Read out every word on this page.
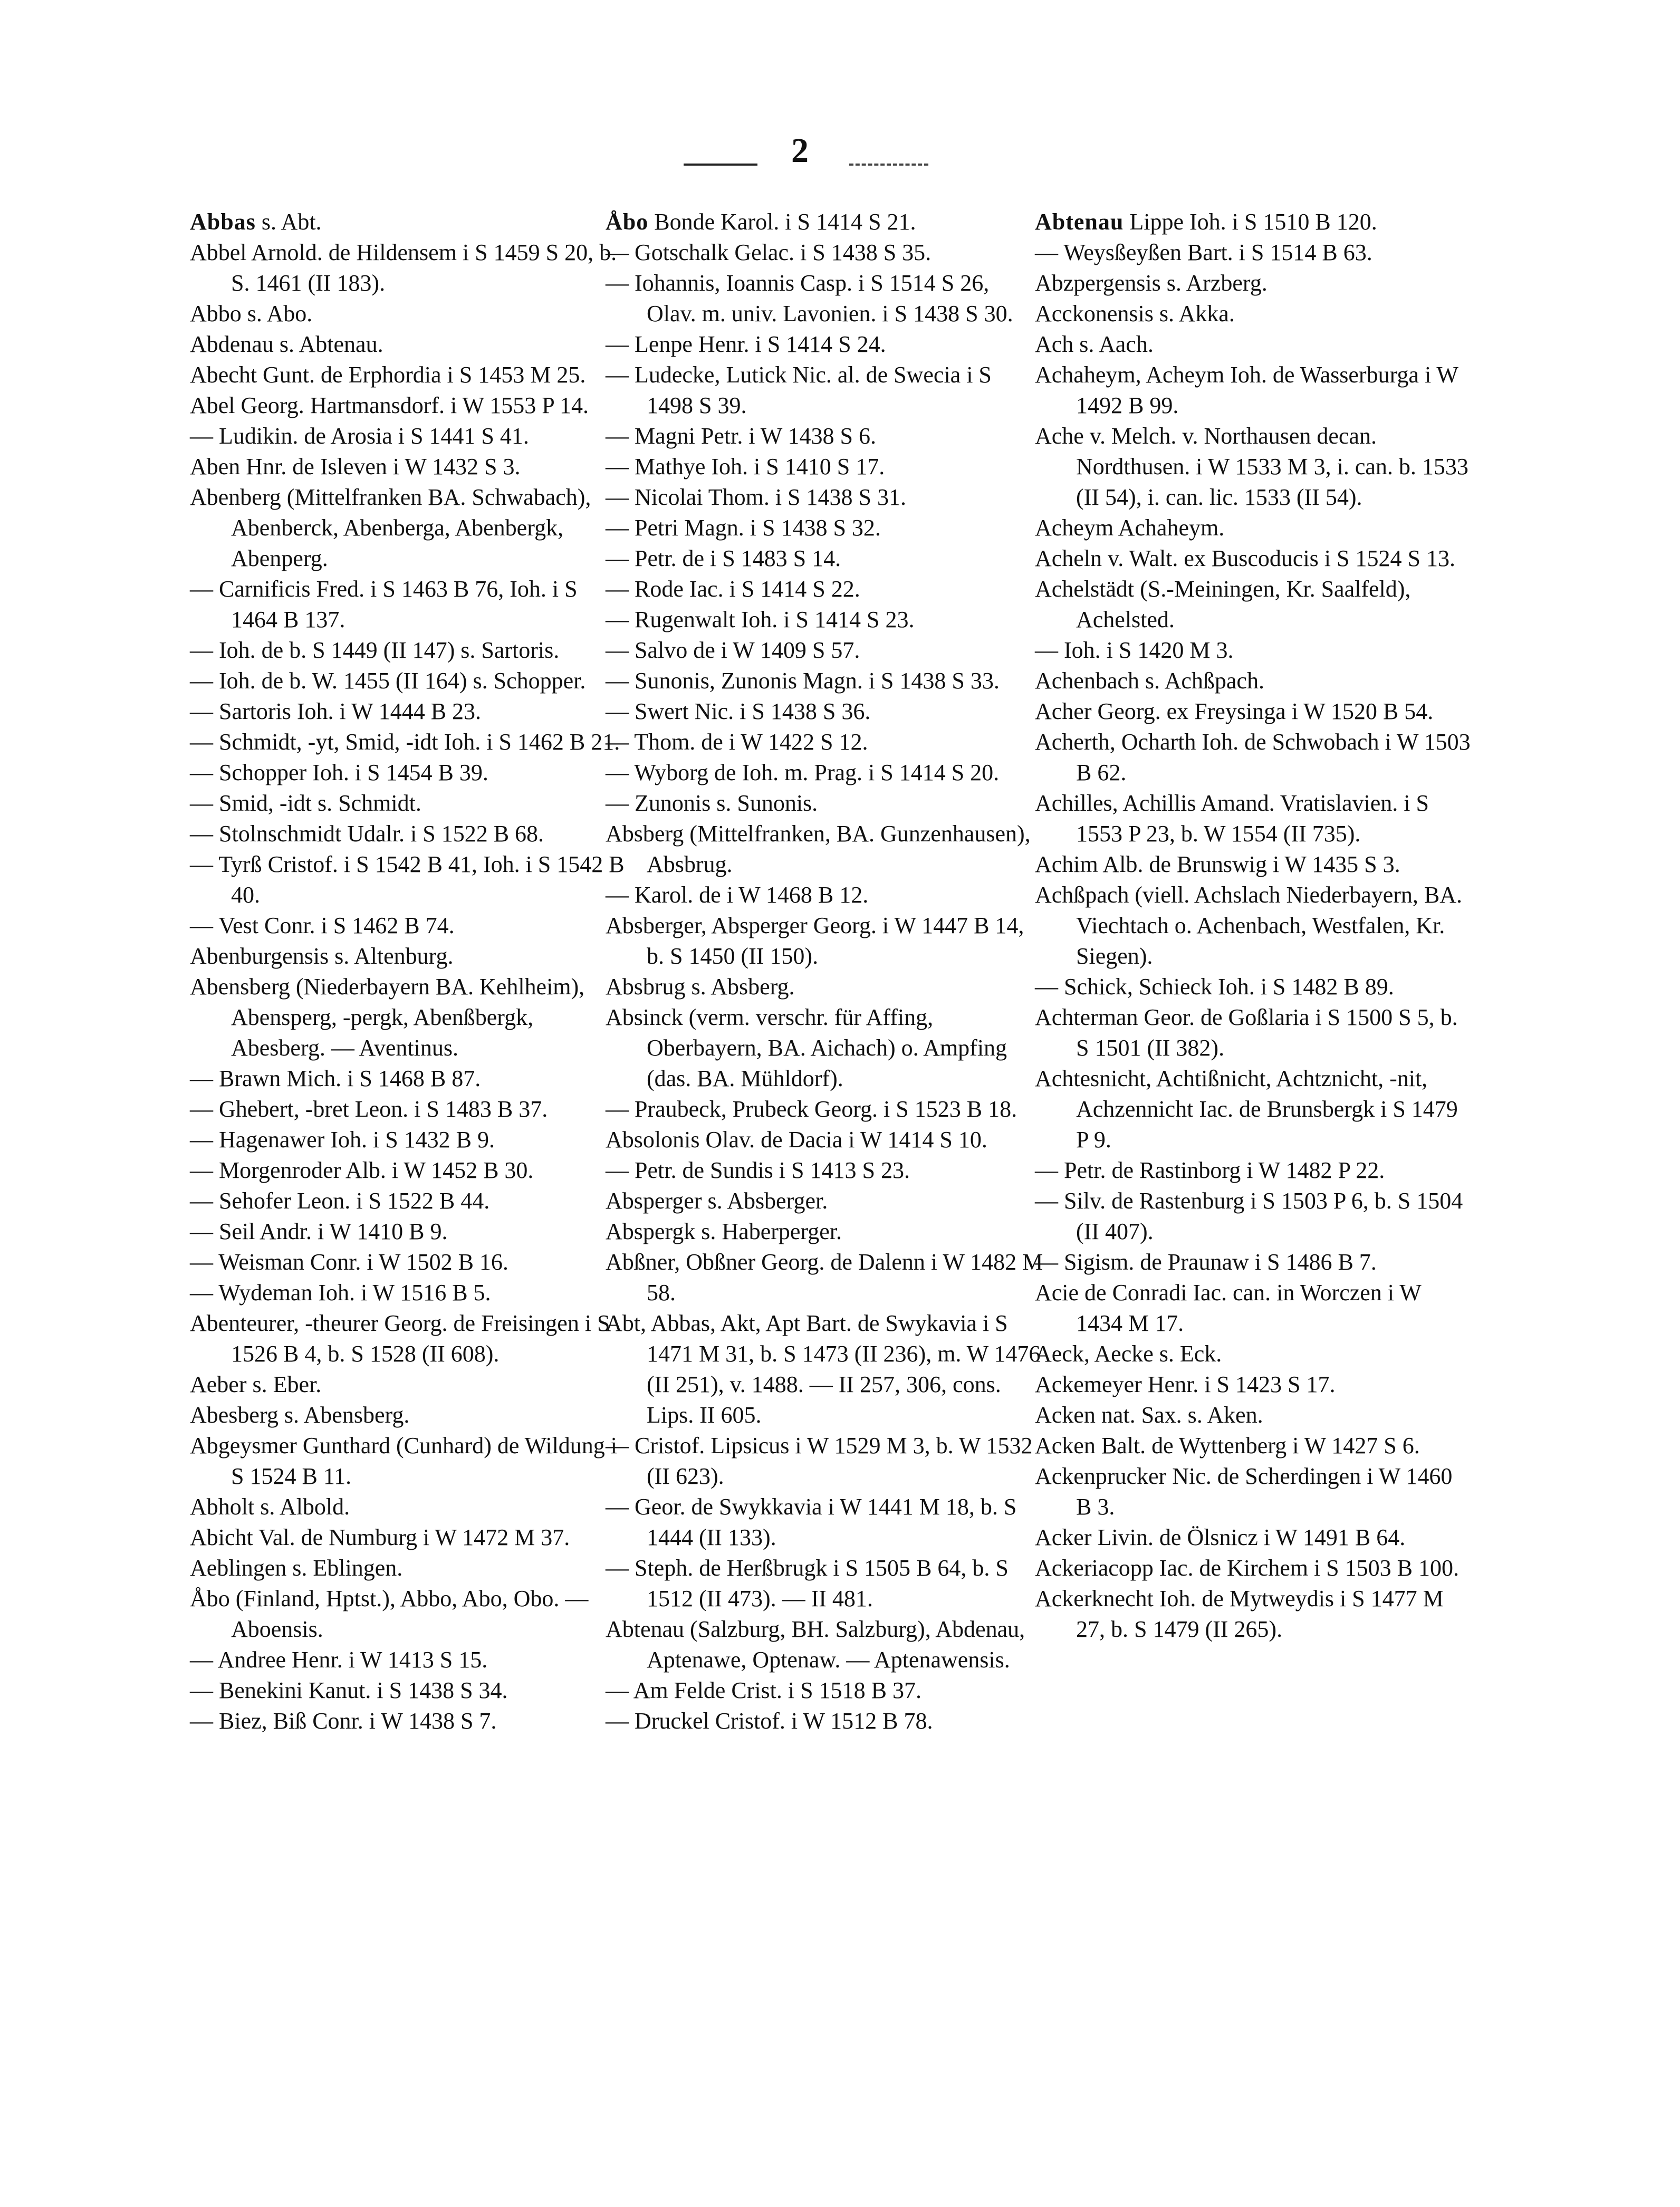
2
Abbas s. Abt.
Abbel Arnold. de Hildensem i S 1459 S 20, b. S. 1461 (II 183).
Abbo s. Abo.
Abdenau s. Abtenau.
Abecht Gunt. de Erphordia i S 1453 M 25.
Abel Georg. Hartmansdorf. i W 1553 P 14.
— Ludikin. de Arosia i S 1441 S 41.
Aben Hnr. de Isleven i W 1432 S 3.
Abenberg (Mittelfranken BA. Schwabach), Abenberck, Abenberga, Abenbergk, Abenperg.
— Carnificis Fred. i S 1463 B 76, Ioh. i S 1464 B 137.
— Ioh. de b. S 1449 (II 147) s. Sartoris.
— Ioh. de b. W. 1455 (II 164) s. Schopper.
— Sartoris Ioh. i W 1444 B 23.
— Schmidt, -yt, Smid, -idt Ioh. i S 1462 B 21.
— Schopper Ioh. i S 1454 B 39.
— Smid, -idt s. Schmidt.
— Stolnschmidt Udalr. i S 1522 B 68.
— Tyrß Cristof. i S 1542 B 41, Ioh. i S 1542 B 40.
— Vest Conr. i S 1462 B 74.
Abenburgensis s. Altenburg.
Abensberg (Niederbayern BA. Kehlheim), Abensperg, -pergk, Abenßbergk, Abesberg. — Aventinus.
— Brawn Mich. i S 1468 B 87.
— Ghebert, -bret Leon. i S 1483 B 37.
— Hagenawer Ioh. i S 1432 B 9.
— Morgenroder Alb. i W 1452 B 30.
— Sehofer Leon. i S 1522 B 44.
— Seil Andr. i W 1410 B 9.
— Weisman Conr. i W 1502 B 16.
— Wydeman Ioh. i W 1516 B 5.
Abenteurer, -theurer Georg. de Freisingen i S 1526 B 4, b. S 1528 (II 608).
Aeber s. Eber.
Abesberg s. Abensberg.
Abgeysmer Gunthard (Cunhard) de Wildung i S 1524 B 11.
Abholt s. Albold.
Abicht Val. de Numburg i W 1472 M 37.
Aeblingen s. Eblingen.
Åbo (Finland, Hptst.), Abbo, Abo, Obo. — Aboensis.
— Andree Henr. i W 1413 S 15.
— Benekini Kanut. i S 1438 S 34.
— Biez, Biß Conr. i W 1438 S 7.
Åbo Bonde Karol. i S 1414 S 21.
— Gotschalk Gelac. i S 1438 S 35.
— Iohannis, Ioannis Casp. i S 1514 S 26, Olav. m. univ. Lavonien. i S 1438 S 30.
— Lenpe Henr. i S 1414 S 24.
— Ludecke, Lutick Nic. al. de Swecia i S 1498 S 39.
— Magni Petr. i W 1438 S 6.
— Mathye Ioh. i S 1410 S 17.
— Nicolai Thom. i S 1438 S 31.
— Petri Magn. i S 1438 S 32.
— Petr. de i S 1483 S 14.
— Rode Iac. i S 1414 S 22.
— Rugenwalt Ioh. i S 1414 S 23.
— Salvo de i W 1409 S 57.
— Sunonis, Zunonis Magn. i S 1438 S 33.
— Swert Nic. i S 1438 S 36.
— Thom. de i W 1422 S 12.
— Wyborg de Ioh. m. Prag. i S 1414 S 20.
— Zunonis s. Sunonis.
Absberg (Mittelfranken, BA. Gunzenhausen), Absbrug.
— Karol. de i W 1468 B 12.
Absberger, Absperger Georg. i W 1447 B 14, b. S 1450 (II 150).
Absbrug s. Absberg.
Absinck (verm. verschr. für Affing, Oberbayern, BA. Aichach) o. Ampfing (das. BA. Mühldorf).
— Praubeck, Prubeck Georg. i S 1523 B 18.
Absolonis Olav. de Dacia i W 1414 S 10.
— Petr. de Sundis i S 1413 S 23.
Absperger s. Absberger.
Abspergk s. Haberperger.
Abßner, Obßner Georg. de Dalenn i W 1482 M 58.
Abt, Abbas, Akt, Apt Bart. de Swykavia i S 1471 M 31, b. S 1473 (II 236), m. W 1476 (II 251), v. 1488. — II 257, 306, cons. Lips. II 605.
— Cristof. Lipsicus i W 1529 M 3, b. W 1532 (II 623).
— Geor. de Swykkavia i W 1441 M 18, b. S 1444 (II 133).
— Steph. de Herßbrugk i S 1505 B 64, b. S 1512 (II 473). — II 481.
Abtenau (Salzburg, BH. Salzburg), Abdenau, Aptenawe, Optenaw. — Aptenawensis.
— Am Felde Crist. i S 1518 B 37.
— Druckel Cristof. i W 1512 B 78.
Abtenau Lippe Ioh. i S 1510 B 120.
— Weysßeyßen Bart. i S 1514 B 63.
Abzpergensis s. Arzberg.
Acckonensis s. Akka.
Ach s. Aach.
Achaheym, Acheym Ioh. de Wasserburga i W 1492 B 99.
Ache v. Melch. v. Northausen decan. Nordthusen. i W 1533 M 3, i. can. b. 1533 (II 54), i. can. lic. 1533 (II 54).
Acheym Achaheym.
Acheln v. Walt. ex Buscoducis i S 1524 S 13.
Achelstädt (S.-Meiningen, Kr. Saalfeld), Achelsted.
— Ioh. i S 1420 M 3.
Achenbach s. Achßpach.
Acher Georg. ex Freysinga i W 1520 B 54.
Acherth, Ocharth Ioh. de Schwobach i W 1503 B 62.
Achilles, Achillis Amand. Vratislavien. i S 1553 P 23, b. W 1554 (II 735).
Achim Alb. de Brunswig i W 1435 S 3.
Achßpach (viell. Achslach Niederbayern, BA. Viechtach o. Achenbach, Westfalen, Kr. Siegen).
— Schick, Schieck Ioh. i S 1482 B 89.
Achterman Geor. de Goßlaria i S 1500 S 5, b. S 1501 (II 382).
Achtesnicht, Achtißnicht, Achtznicht, -nit, Achzennicht Iac. de Brunsbergk i S 1479 P 9.
— Petr. de Rastinborg i W 1482 P 22.
— Silv. de Rastenburg i S 1503 P 6, b. S 1504 (II 407).
— Sigism. de Praunaw i S 1486 B 7.
Acie de Conradi Iac. can. in Worczen i W 1434 M 17.
Aeck, Aecke s. Eck.
Ackemeyer Henr. i S 1423 S 17.
Acken nat. Sax. s. Aken.
Acken Balt. de Wyttenberg i W 1427 S 6.
Ackenprucker Nic. de Scherdingen i W 1460 B 3.
Acker Livin. de Ölsnicz i W 1491 B 64.
Ackeriacopp Iac. de Kirchem i S 1503 B 100.
Ackerknecht Ioh. de Mytweydis i S 1477 M 27, b. S 1479 (II 265).
